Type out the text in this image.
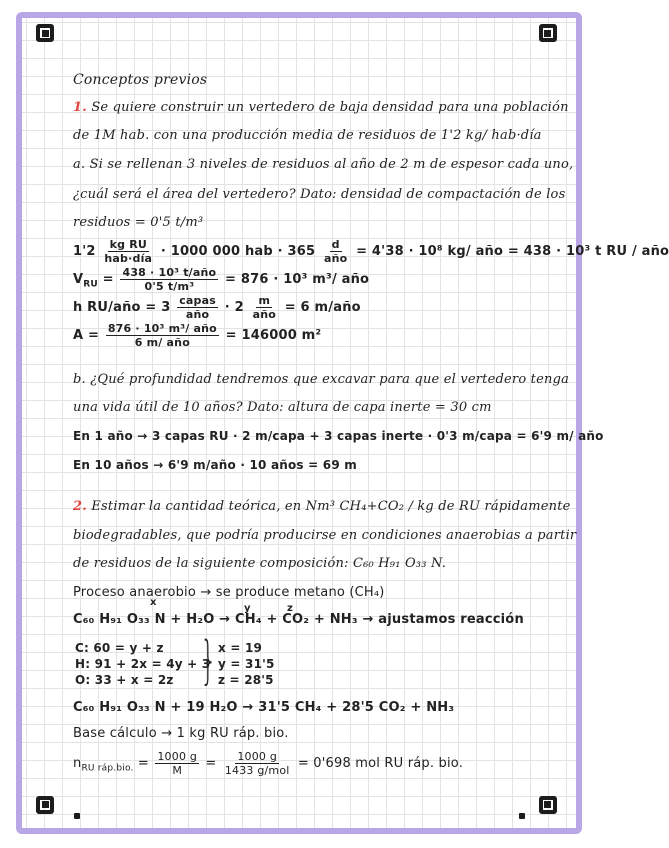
Conceptos previos
1. Se quiere construir un vertedero de baja densidad para una población
de 1M hab. con una producción media de residuos de 1'2 kg/ hab·día
a. Si se rellenan 3 niveles de residuos al año de 2 m de espesor cada uno,
¿cuál será el área del vertedero? Dato: densidad de compactación de los
residuos = 0'5 t/m³
$1'2 \frac{\text{kg RU}}{\text{hab·día}} \cdot 1000$ 000 hab · $365 \frac{d}{\text{año}} = 4'38 \cdot 10^8$ kg/ año = 438 · 10³ t RU / año
$V_{RU} = \frac{\text{438 · 10³ t/año}}{\text{0'5 t/m³}} = 876 \cdot 10^3$ m³/ año
h RU/año = $3 \frac{\text{capas}}{\text{año}} \cdot 2 \frac{m}{\text{año}} = 6$ m/año
$A = \frac{\text{876 · 10³ m³/ año}}{\text{6 m/ año}} = 146000$ m²
b. ¿Qué profundidad tendremos que excavar para que el vertedero tenga
una vida útil de 10 años? Dato: altura de capa inerte = 30 cm
En 1 año → 3 capas RU · 2 m/capa + 3 capas inerte · 0'3 m/capa = 6'9 m/ año
En 10 años → 6'9 m/año · 10 años = 69 m
2. Estimar la cantidad teórica, en Nm³ CH₄+CO₂ / kg de RU rápidamente
biodegradables, que podría producirse en condiciones anaerobias a partir
de residuos de la siguiente composición: C₆₀ H₉₁ O₃₃ N.
Proceso anaerobio → se produce metano (CH₄)
x
y	z
C₆₀ H₉₁ O₃₃ N + H₂O → CH₄ + CO₂ + NH₃ → ajustamos reacción
C: 60 = y + z
H: 91 + 2x = 4y + 3
O: 33 + x = 2z } x = 19
y = 31'5
z = 28'5
C₆₀ H₉₁ O₃₃ N + 19 H₂O → 31'5 CH₄ + 28'5 CO₂ + NH₃
Base cálculo → 1 kg RU ráp. bio.
$n_{RU ráp.bio.} = \frac{1000 g}{M} = \frac{1000 g}{\text{1433 g/mol}} = 0'698$ mol RU ráp. bio.
